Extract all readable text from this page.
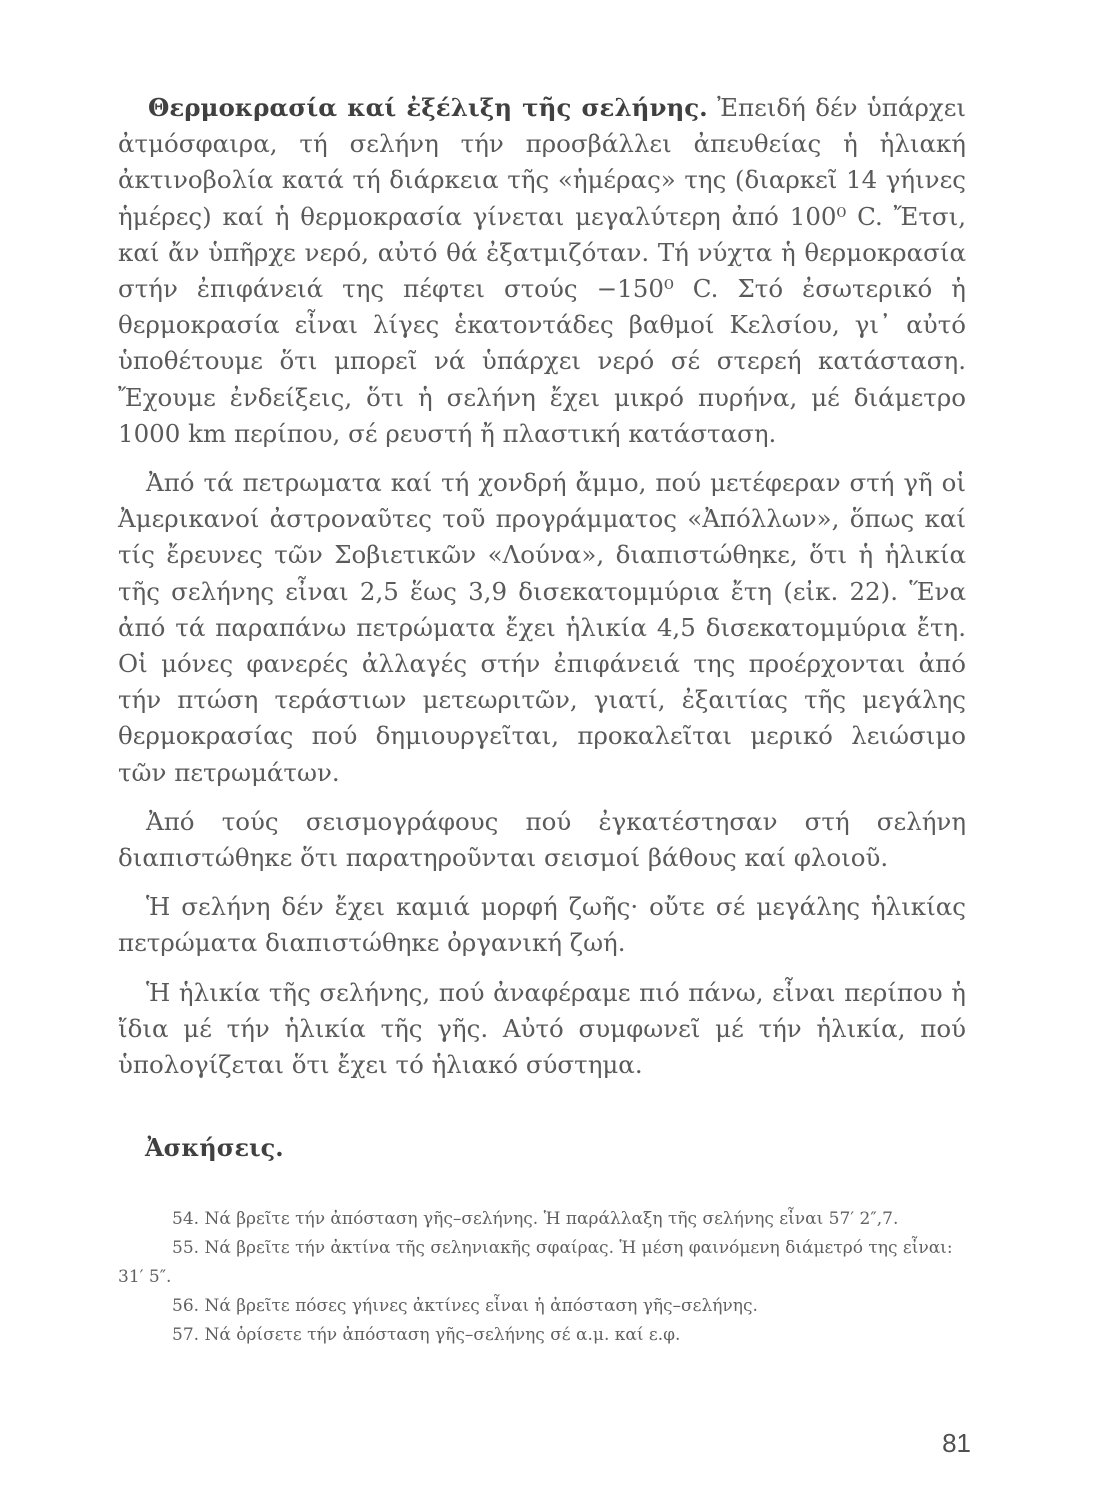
Θερμοκρασία καί ἐξέλιξη τῆς σελήνης. Ἐπειδή δέν ὑπάρχει ἀτμόσφαιρα, τή σελήνη τήν προσβάλλει ἀπευθείας ἡ ἡλιακή ἀκτινοβολία κατά τή διάρκεια τῆς «ἡμέρας» της (διαρκεῖ 14 γήινες ἡμέρες) καί ἡ θερμοκρασία γίνεται μεγαλύτερη ἀπό 100⁰ C. Ἔτσι, καί ἄν ὑπῆρχε νερό, αὐτό θά ἐξατμιζόταν. Τή νύχτα ἡ θερμοκρασία στήν ἐπιφάνειά της πέφτει στούς −150⁰ C. Στό ἐσωτερικό ἡ θερμοκρασία εἶναι λίγες ἑκατοντάδες βαθμοί Κελσίου, γι᾽ αὐτό ὑποθέτουμε ὅτι μπορεῖ νά ὑπάρχει νερό σέ στερεή κατάσταση. Ἔχουμε ἐνδείξεις, ὅτι ἡ σελήνη ἔχει μικρό πυρήνα, μέ διάμετρο 1000 km περίπου, σέ ρευστή ἤ πλαστική κατάσταση.

Ἀπό τά πετρωματα καί τή χονδρή ἄμμο, πού μετέφεραν στή γῆ οἱ Ἀμερικανοί ἀστροναῦτες τοῦ προγράμματος «Ἀπόλλων», ὅπως καί τίς ἔρευνες τῶν Σοβιετικῶν «Λούνα», διαπιστώθηκε, ὅτι ἡ ἡλικία τῆς σελήνης εἶναι 2,5 ἕως 3,9 δισεκατομμύρια ἔτη (εἰκ. 22). Ἕνα ἀπό τά παραπάνω πετρώματα ἔχει ἡλικία 4,5 δισεκατομμύρια ἔτη. Οἱ μόνες φανερές ἀλλαγές στήν ἐπιφάνειά της προέρχονται ἀπό τήν πτώση τεράστιων μετεωριτῶν, γιατί, ἐξαιτίας τῆς μεγάλης θερμοκρασίας πού δημιουργεῖται, προκαλεῖται μερικό λειώσιμο τῶν πετρωμάτων.

Ἀπό τούς σεισμογράφους πού ἐγκατέστησαν στή σελήνη διαπιστώθηκε ὅτι παρατηροῦνται σεισμοί βάθους καί φλοιοῦ.

Ἡ σελήνη δέν ἔχει καμιά μορφή ζωῆς· οὔτε σέ μεγάλης ἡλικίας πετρώματα διαπιστώθηκε ὀργανική ζωή.

Ἡ ἡλικία τῆς σελήνης, πού ἀναφέραμε πιό πάνω, εἶναι περίπου ἡ ἴδια μέ τήν ἡλικία τῆς γῆς. Αὐτό συμφωνεῖ μέ τήν ἡλικία, πού ὑπολογίζεται ὅτι ἔχει τό ἡλιακό σύστημα.

Ἀσκήσεις.

54. Νά βρεῖτε τήν ἀπόσταση γῆς–σελήνης. Ἡ παράλλαξη τῆς σελήνης εἶναι 57′ 2″,7.

55. Νά βρεῖτε τήν ἀκτίνα τῆς σεληνιακῆς σφαίρας. Ἡ μέση φαινόμενη διάμετρό της εἶναι: 31′ 5″.

56. Νά βρεῖτε πόσες γήινες ἀκτίνες εἶναι ἡ ἀπόσταση γῆς–σελήνης.

57. Νά ὁρίσετε τήν ἀπόσταση γῆς–σελήνης σέ α.μ. καί ε.φ.

81
